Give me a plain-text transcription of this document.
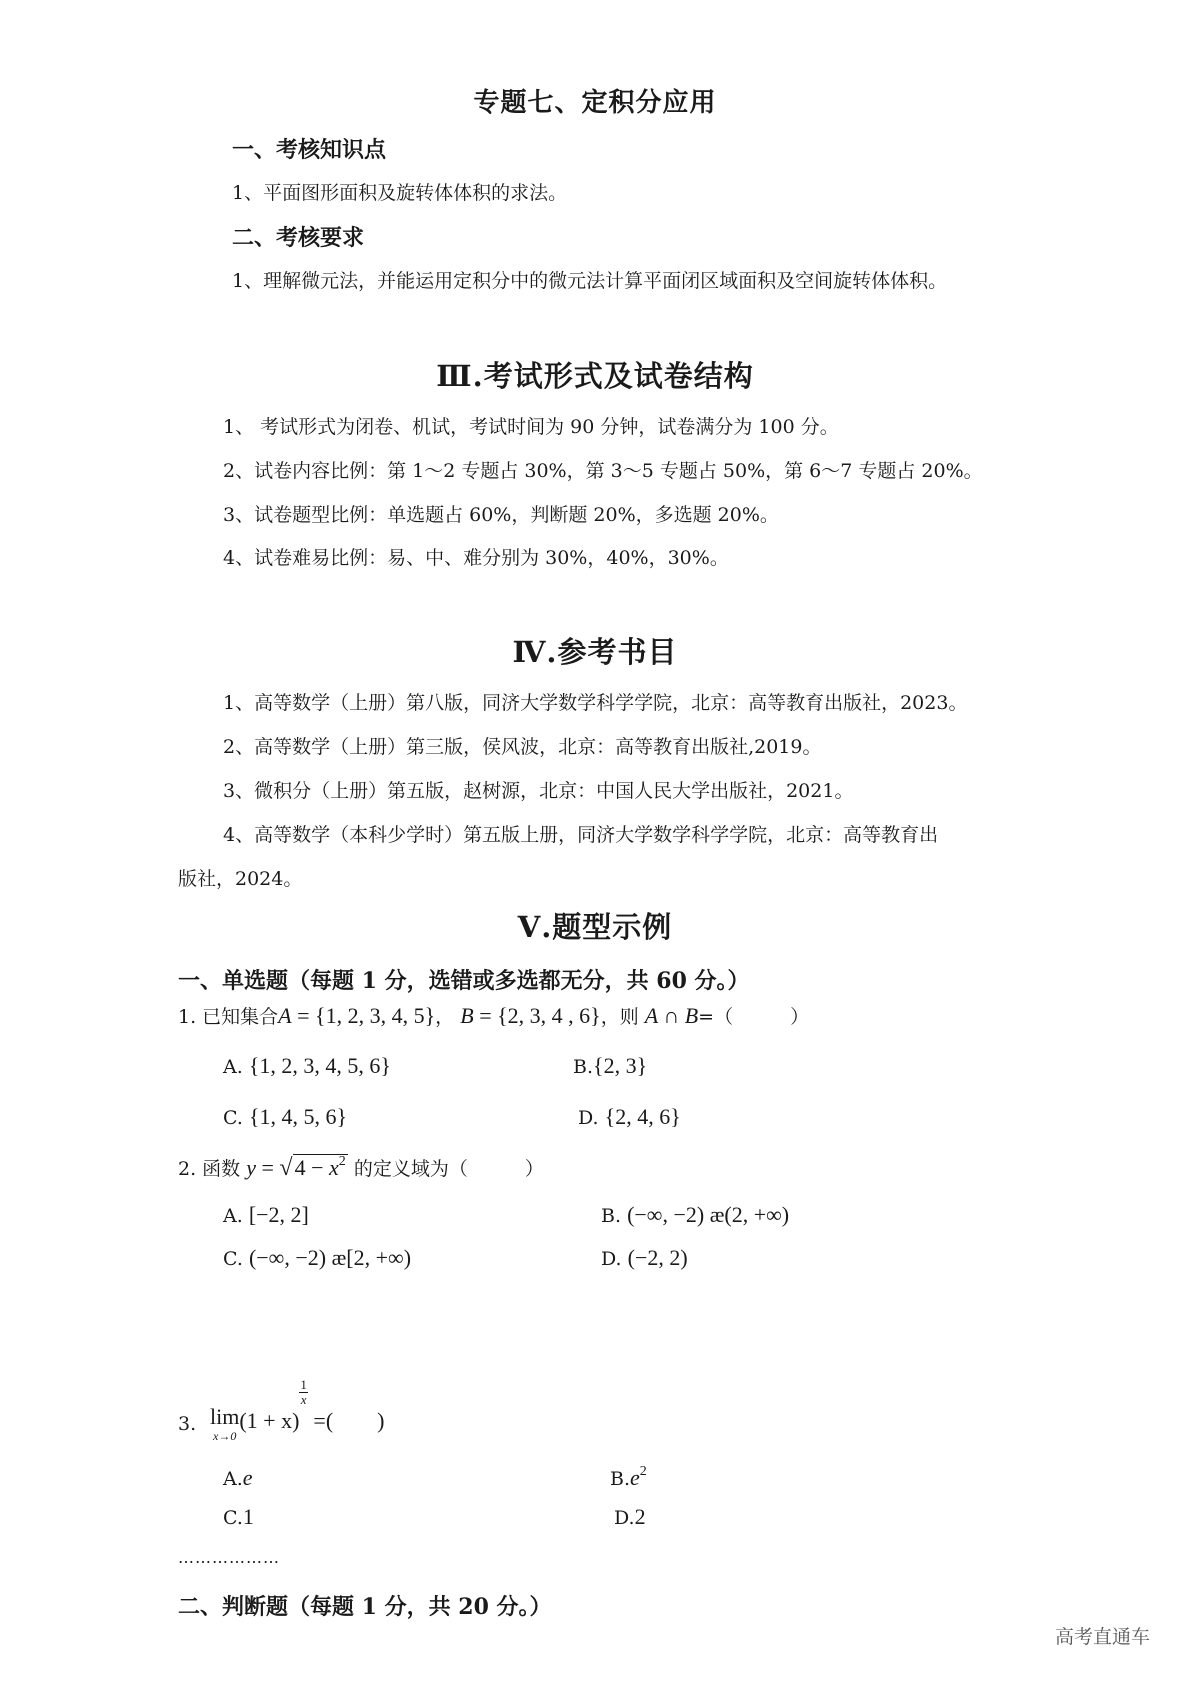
专题七、定积分应用
一、考核知识点
1、平面图形面积及旋转体体积的求法。
二、考核要求
1、理解微元法，并能运用定积分中的微元法计算平面闭区域面积及空间旋转体体积。
Ⅲ.考试形式及试卷结构
1、 考试形式为闭卷、机试，考试时间为 90 分钟，试卷满分为 100 分。
2、试卷内容比例：第 1～2 专题占 30%，第 3～5 专题占 50%，第 6～7 专题占 20%。
3、试卷题型比例：单选题占 60%，判断题 20%，多选题 20%。
4、试卷难易比例：易、中、难分别为 30%，40%，30%。
Ⅳ.参考书目
1、高等数学（上册）第八版，同济大学数学科学学院，北京：高等教育出版社，2023。
2、高等数学（上册）第三版，侯风波，北京：高等教育出版社,2019。
3、微积分（上册）第五版，赵树源，北京：中国人民大学出版社，2021。
4、高等数学（本科少学时）第五版上册，同济大学数学科学学院，北京：高等教育出
版社，2024。
Ⅴ.题型示例
一、单选题（每题 1 分，选错或多选都无分，共 60 分。）
1. 已知集合A = {1, 2, 3, 4, 5}， B = {2, 3, 4 , 6}，则 A ∩ B=（　　　）
A. {1, 2, 3, 4, 5, 6}	B.{2, 3}
C. {1, 4, 5, 6}	D. {2, 4, 6}
2. 函数 $y = √4 - x^2$ 的定义域为（　　　）
A. [−2, 2]	B. (−∞, −2) æ(2, +∞)
C. (−∞, −2) æ[2, +∞)	D. (−2, 2)
3. lim
x→0
(1 + x)
$\frac{1}{x}$
=(　　)
A.e	$B.e^2$
C.1	D.2
………………
二、判断题（每题 1 分，共 20 分。）
高考直通车
